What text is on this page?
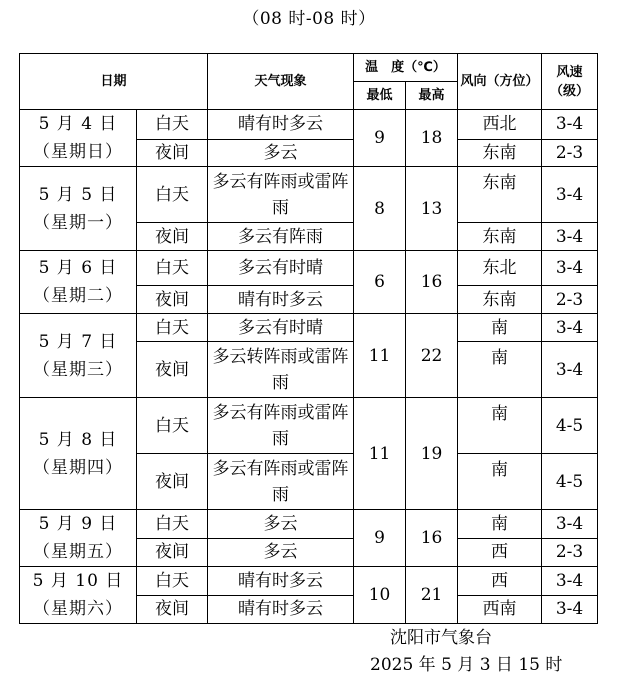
（08 时-08 时）
日期		天气现象	温　度（℃）		风向（方位）	风速（级）
			最低	最高		

5 月 4 日
（星期日）	白天	晴有时多云	9	18	西北	3-4
	夜间	多云			东南	2-3

5 月 5 日
（星期一）	白天	多云有阵雨或雷阵雨	8	13	东南	3-4
	夜间	多云有阵雨			东南	3-4

5 月 6 日
（星期二）	白天	多云有时晴	6	16	东北	3-4
	夜间	晴有时多云			东南	2-3

5 月 7 日
（星期三）	白天	多云有时晴	11	22	南	3-4
	夜间	多云转阵雨或雷阵雨			南	3-4

5 月 8 日
（星期四）	白天	多云有阵雨或雷阵雨	11	19	南	4-5
	夜间	多云有阵雨或雷阵雨			南	4-5

5 月 9 日
（星期五）	白天	多云	9	16	南	3-4
	夜间	多云			西	2-3

5 月 10 日
（星期六）	白天	晴有时多云	10	21	西	3-4
	夜间	晴有时多云			西南	3-4
沈阳市气象台
2025 年 5 月 3 日 15 时
